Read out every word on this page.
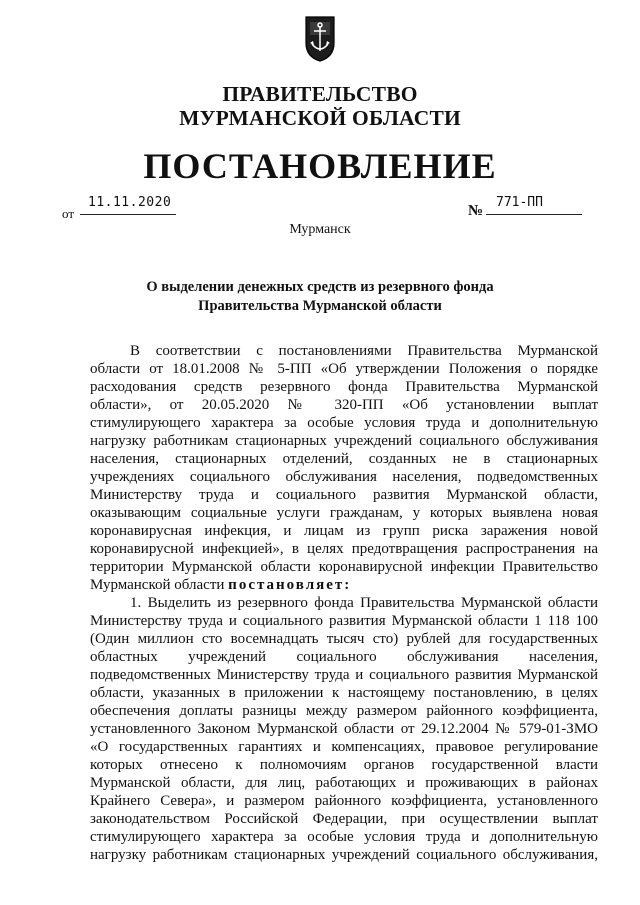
ПРАВИТЕЛЬСТВО
МУРМАНСКОЙ ОБЛАСТИ
ПОСТАНОВЛЕНИЕ
от
11.11.2020
№
771-ПП
Мурманск
О выделении денежных средств из резервного фонда
Правительства Мурманской области
В соответствии с постановлениями Правительства Мурманской
области от 18.01.2008 № 5-ПП «Об утверждении Положения о порядке
расходования средств резервного фонда Правительства Мурманской
области», от 20.05.2020 № 320-ПП «Об установлении выплат
стимулирующего характера за особые условия труда и дополнительную
нагрузку работникам стационарных учреждений социального обслуживания
населения, стационарных отделений, созданных не в стационарных
учреждениях социального обслуживания населения, подведомственных
Министерству труда и социального развития Мурманской области,
оказывающим социальные услуги гражданам, у которых выявлена новая
коронавирусная инфекция, и лицам из групп риска заражения новой
коронавирусной инфекцией», в целях предотвращения распространения на
территории Мурманской области коронавирусной инфекции Правительство
Мурманской области постановляет:
1. Выделить из резервного фонда Правительства Мурманской области
Министерству труда и социального развития Мурманской области 1 118 100
(Один миллион сто восемнадцать тысяч сто) рублей для государственных
областных учреждений социального обслуживания населения,
подведомственных Министерству труда и социального развития Мурманской
области, указанных в приложении к настоящему постановлению, в целях
обеспечения доплаты разницы между размером районного коэффициента,
установленного Законом Мурманской области от 29.12.2004 № 579-01-ЗМО
«О государственных гарантиях и компенсациях, правовое регулирование
которых отнесено к полномочиям органов государственной власти
Мурманской области, для лиц, работающих и проживающих в районах
Крайнего Севера», и размером районного коэффициента, установленного
законодательством Российской Федерации, при осуществлении выплат
стимулирующего характера за особые условия труда и дополнительную
нагрузку работникам стационарных учреждений социального обслуживания,
